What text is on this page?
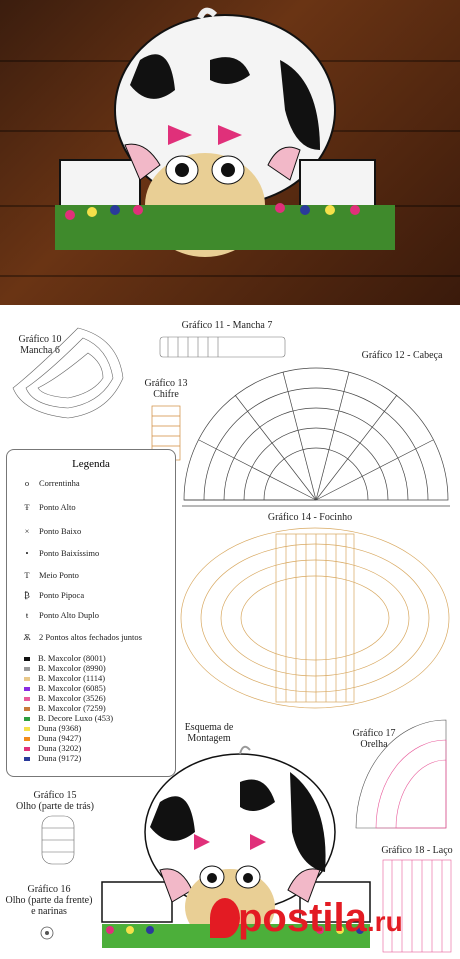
Gráfico 10
Mancha 6
Gráfico 11 - Mancha 7
Gráfico 12 - Cabeça
Gráfico 13
Chifre
Legenda
o Correntinha
Ŧ Ponto Alto
× Ponto Baixo
• Ponto Baixíssimo
T Meio Ponto
₿ Ponto Pipoca
ŧ Ponto Alto Duplo
Ѫ 2 Pontos altos fechados juntos
B. Maxcolor (8001)
B. Maxcolor (8990)
B. Maxcolor (1114)
B. Maxcolor (6085)
B. Maxcolor (3526)
B. Maxcolor (7259)
B. Decore Luxo (453)
Duna (9368)
Duna (9427)
Duna (3202)
Duna (9172)
Gráfico 14 - Focinho
Esquema de
Montagem	Gráfico 17
Orelha
Gráfico 15
Olho (parte de trás)
Gráfico 18 - Laço
Gráfico 16
Olho (parte da frente)
e narinas	postila.ru
